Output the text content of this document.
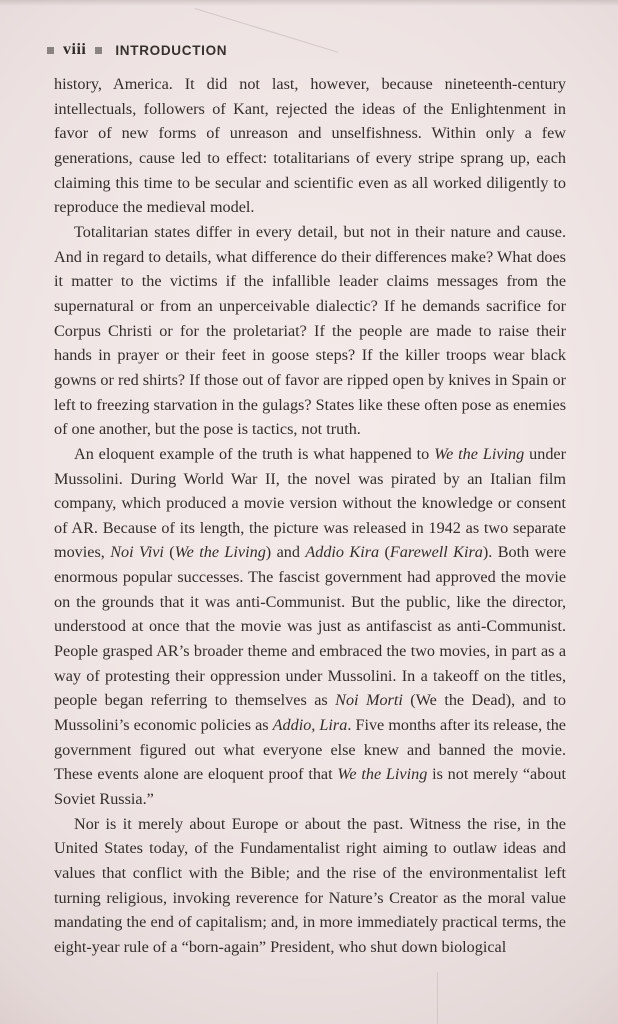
viii INTRODUCTION

history, America. It did not last, however, because nineteenth-century intellectuals, followers of Kant, rejected the ideas of the Enlightenment in favor of new forms of unreason and unselfishness. Within only a few generations, cause led to effect: totalitarians of every stripe sprang up, each claiming this time to be secular and scientific even as all worked diligently to reproduce the medieval model.

Totalitarian states differ in every detail, but not in their nature and cause. And in regard to details, what difference do their differences make? What does it matter to the victims if the infallible leader claims messages from the supernatural or from an unperceivable dialectic? If he demands sacrifice for Corpus Christi or for the proletariat? If the people are made to raise their hands in prayer or their feet in goose steps? If the killer troops wear black gowns or red shirts? If those out of favor are ripped open by knives in Spain or left to freezing starvation in the gulags? States like these often pose as enemies of one another, but the pose is tactics, not truth.

An eloquent example of the truth is what happened to We the Living under Mussolini. During World War II, the novel was pirated by an Italian film company, which produced a movie version without the knowledge or consent of AR. Because of its length, the picture was released in 1942 as two separate movies, Noi Vivi (We the Living) and Addio Kira (Farewell Kira). Both were enormous popular successes. The fascist government had approved the movie on the grounds that it was anti-Communist. But the public, like the director, understood at once that the movie was just as antifascist as anti-Communist. People grasped AR’s broader theme and embraced the two movies, in part as a way of protesting their oppression under Mussolini. In a takeoff on the titles, people began referring to themselves as Noi Morti (We the Dead), and to Mussolini’s economic policies as Addio, Lira. Five months after its release, the government figured out what everyone else knew and banned the movie. These events alone are eloquent proof that We the Living is not merely “about Soviet Russia.”

Nor is it merely about Europe or about the past. Witness the rise, in the United States today, of the Fundamentalist right aiming to outlaw ideas and values that conflict with the Bible; and the rise of the environmentalist left turning religious, invoking reverence for Nature’s Creator as the moral value mandating the end of capitalism; and, in more immediately practical terms, the eight-year rule of a “born-again” President, who shut down biological
